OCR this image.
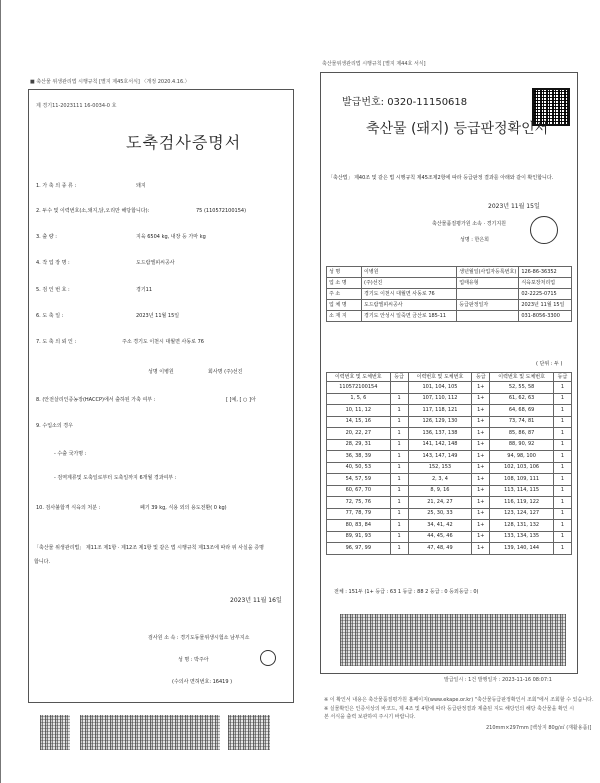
■ 축산물 위생관리법 시행규칙 [별지 제45호서식] 〈개정 2020.4.16.〉
제 경기11-2023111 16-0034-0 호
도축검사증명서
1. 가 축 의 종 류 :	돼지
2. 두수 및 이력번호(소,돼지,닭,오리만 해당합니다):	75 (110572100154)
3. 출 량 :	지육 6504 kg, 내장 등 가마 kg
4. 작 업 장 명 :	도드람엘피씨공사
5. 검 인 번 호 :	경기11
6. 도 축 일 :	2023년 11월 15일
7. 도 축 의 뢰 인 :	주소 경기도 이천시 대월면 사동로 76
성명 이병원	회사명 (주)선진
8. (안전살리인증농장(HACCP)에서 출하된 가축 여부 :	[ ]예, [ ○ ]아
9. 수입소의 경우
- 수출 국가명 :
- 검역계류및 도축일로부터 도축일까지 6개월 경과여부 :
10. 검사불합격 식육의 처분 :	폐기 39 kg, 식용 외의 용도전환( 0 kg)
「축산물 위생관리법」 제11조 제1항 · 제12조 제1항 및 같은 법 시행규칙 제13조에 따라 위 사실을 증명
합니다.
2023년 11월 16일
검사원 소 속 : 경기도동물위생시험소 남부지소
성 명 : 박주아
(수의사 면허번호: 16419 )
축산물위생관리법 시행규칙 [별지 제44호 서식]
발급번호: 0320-11150618
축산물 (돼지) 등급판정확인서
「축산법」 제40조 및 같은 법 시행규칙 제45조제2항에 따라 등급판정 결과를 아래와 같이 확인합니다.
2023년 11월 15일
축산물품질평가원 소속 · 경기지원
성명 : 한은희
성 명	이병원	생년월일(사업자등록번호)	126-86-36352
업 소 명	(주)선진	업태유형	식육포장처리업
주 소	경기도 이천시 대월면 사동로 76		02-2225-0715
업 체 명	도드람엘피씨공사	등급판정일자	2023년 11월 15일
소 재 지	경기도 안성시 일죽면 금산로 185-11		031-8056-3300
( 단위 : 두 )
이력번호 및 도체번호	등급	이력번호 및 도체번호	등급	이력번호 및 도체번호	등급
110572100154		101, 104, 105	1+	52, 55, 58	1
1, 5, 6	1	107, 110, 112	1+	61, 62, 63	1
10, 11, 12	1	117, 118, 121	1+	64, 68, 69	1
14, 15, 16	1	126, 129, 130	1+	73, 74, 81	1
20, 22, 27	1	136, 137, 138	1+	85, 86, 87	1
28, 29, 31	1	141, 142, 148	1+	88, 90, 92	1
36, 38, 39	1	143, 147, 149	1+	94, 98, 100	1
40, 50, 53	1	152, 153	1+	102, 103, 106	1
54, 57, 59	1	2, 3, 4	1+	108, 109, 111	1
60, 67, 70	1	8, 9, 16	1+	113, 114, 115	1
72, 75, 76	1	21, 24, 27	1+	116, 119, 122	1
77, 78, 79	1	25, 30, 33	1+	123, 124, 127	1
80, 83, 84	1	34, 41, 42	1+	128, 131, 132	1
89, 91, 93	1	44, 45, 46	1+	133, 134, 135	1
96, 97, 99	1	47, 48, 49	1+	139, 140, 144	1
전체 : 151두 (1+ 등급 : 63 1 등급 : 88 2 등급 : 0 등외등급 : 0)
발급일시 : 1건 발행일자 : 2023-11-16 08:07:1
※ 이 확인서 내용은 축산물품질평가원 홈페이지(www.ekape.or.kr) "축산물등급판정확인서 조회"에서 조회할 수 있습니다.
※ 실물확인은 인증서상의 바코드, 제 4조 및 4항에 따라 등급판정결과 제출된 지도 해당인의 해당 축산물을 확인 시
본 서식을 출력 보관하여 주시기 바랍니다.
210mm×297mm [백상지 80g/㎡ (재활용품)]
